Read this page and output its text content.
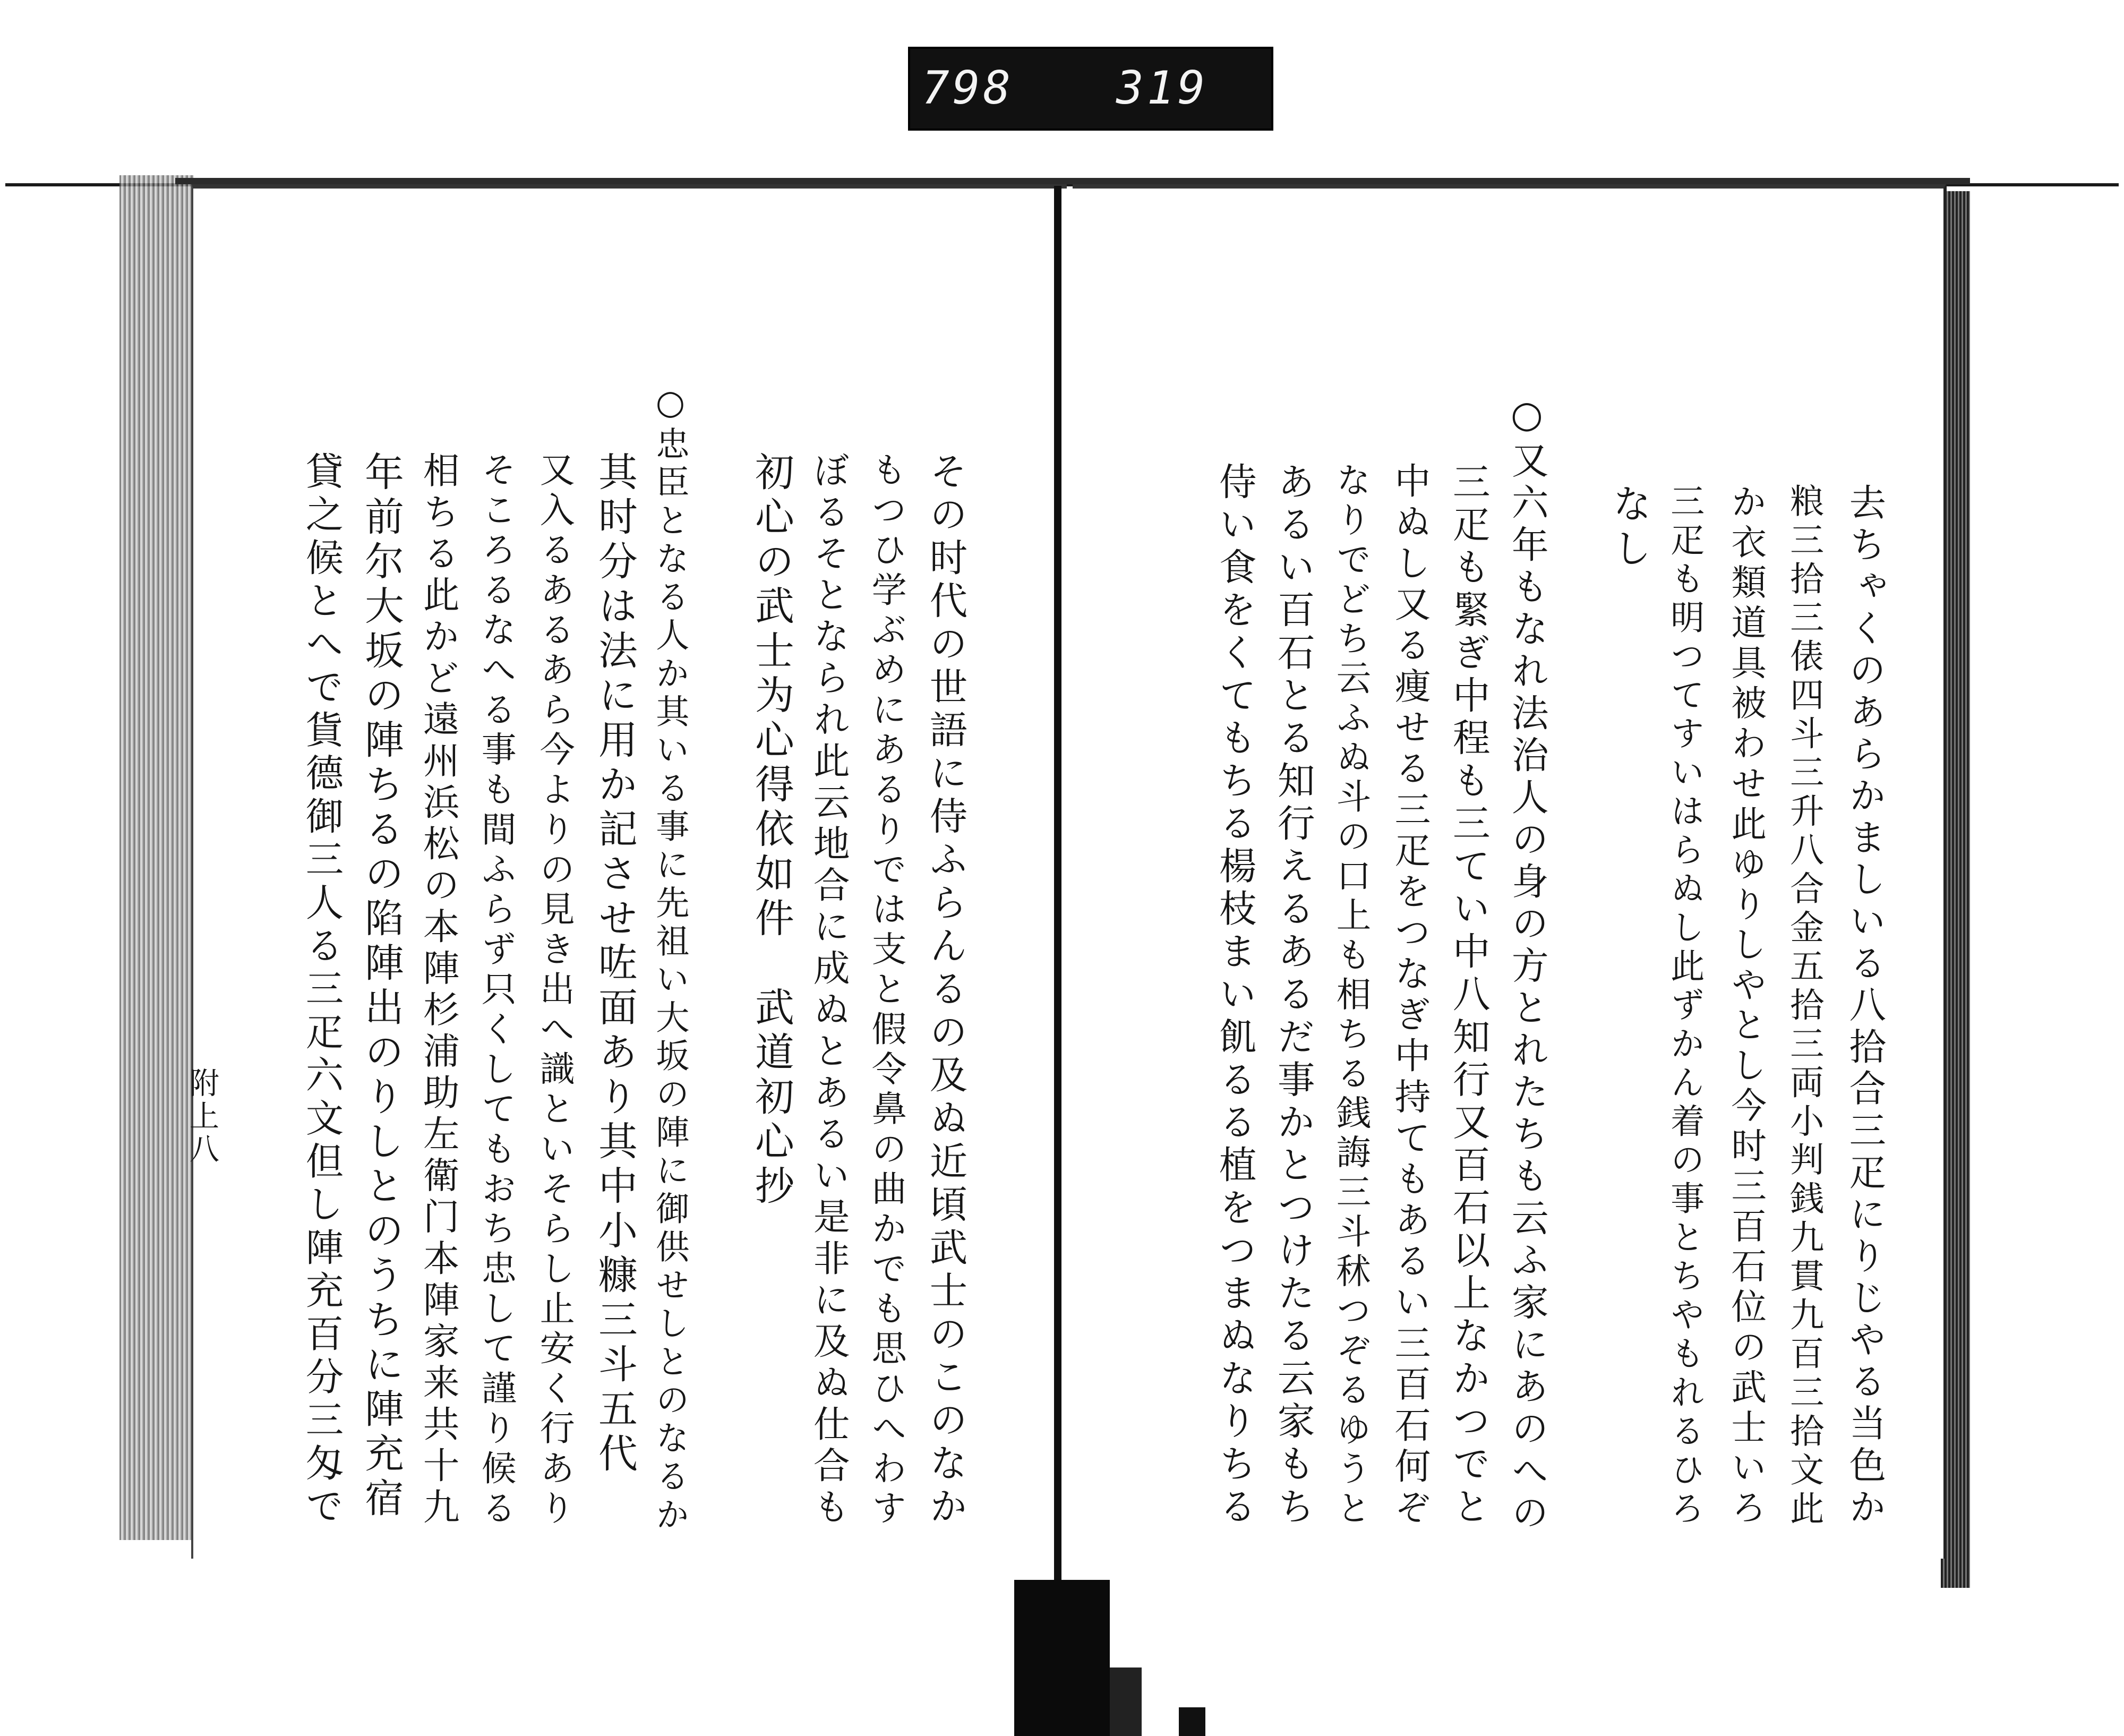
798 319
去ちゃくのあらかましいる八拾合三疋にりじやる当色か
粮三拾三俵四斗三升八合金五拾三両小判銭九貫九百三拾文此
か衣類道具被わせ此ゆりしやとし今时三百石位の武士いろ
三疋も明つてすいはらぬし此ずかん着の事とちやもれるひろ
なし
○又六年もなれ法治人の身の方とれたちも云ふ家にあのへの
三疋も緊ぎ中程も三てい中八知行又百石以上なかつでと
中ぬし又る痩せる三疋をつなぎ中持てもあるい三百石何ぞ
なりでどち云ふぬ斗の口上も相ちる銭誨三斗秫つぞるゆうと
あるい百石とる知行えるあるだ事かとつけたる云家もち
侍い食をくてもちる楊枝まい飢るる植をつまぬなりちる
その时代の世語に侍ふらんるの及ぬ近頃武士のこのなか
もつひ学ぶめにあるりでは支と假令鼻の曲かでも思ひへわす
ぼるそとなられ此云地合に成ぬとあるい是非に及ぬ仕合も
初心の武士为心得依如件　武道初心抄
○忠臣となる人か其いる事に先祖い大坂の陣に御供せしとのなるか
其时分は法に用か記させ咗面あり其中小糠三斗五代
又入るあるあら今よりの見き出へ識といそらし止安く行あり
そころるなへる事も間ふらず只くしてもおち忠して謹り候る
相ちる此かど遠州浜松の本陣杉浦助左衛门本陣家来共十九
年前尔大坂の陣ちるの陷陣出のりしとのうちに陣充宿
貸之候とへで貨德御三人る三疋六文但し陣充百分三匁で
附上八
